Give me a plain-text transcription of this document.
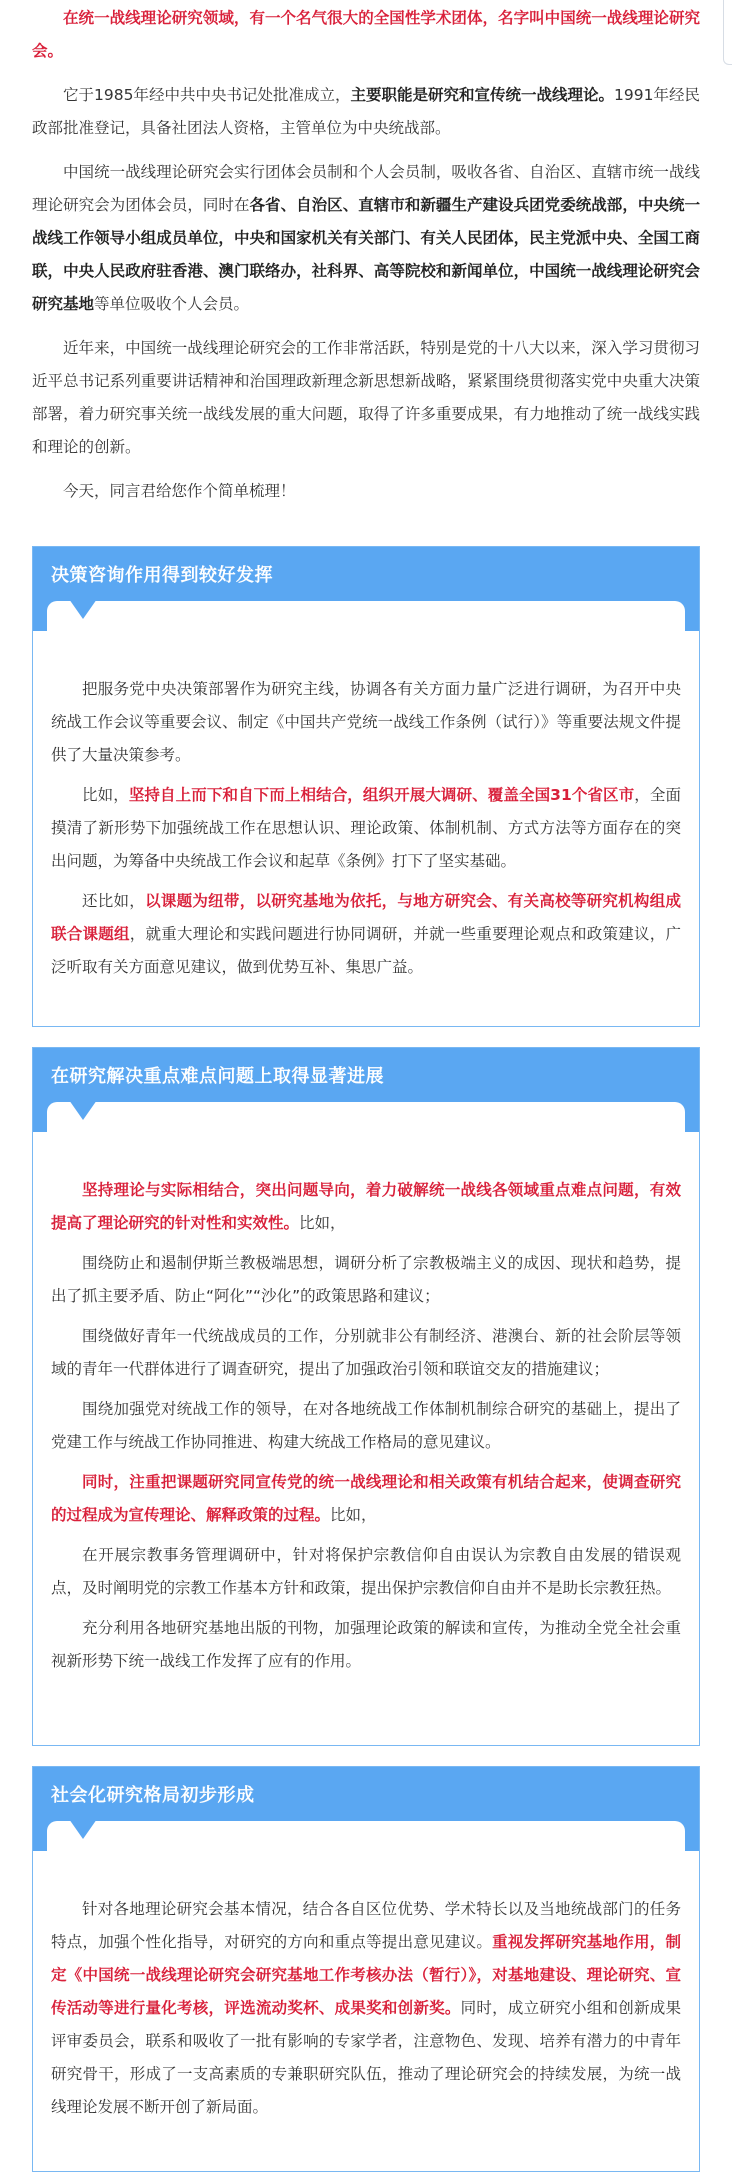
在统一战线理论研究领域，有一个名气很大的全国性学术团体，名字叫中国统一战线理论研究会。

它于1985年经中共中央书记处批准成立，主要职能是研究和宣传统一战线理论。1991年经民政部批准登记，具备社团法人资格，主管单位为中央统战部。

中国统一战线理论研究会实行团体会员制和个人会员制，吸收各省、自治区、直辖市统一战线理论研究会为团体会员，同时在各省、自治区、直辖市和新疆生产建设兵团党委统战部，中央统一战线工作领导小组成员单位，中央和国家机关有关部门、有关人民团体，民主党派中央、全国工商联，中央人民政府驻香港、澳门联络办，社科界、高等院校和新闻单位，中国统一战线理论研究会研究基地等单位吸收个人会员。

近年来，中国统一战线理论研究会的工作非常活跃，特别是党的十八大以来，深入学习贯彻习近平总书记系列重要讲话精神和治国理政新理念新思想新战略，紧紧围绕贯彻落实党中央重大决策部署，着力研究事关统一战线发展的重大问题，取得了许多重要成果，有力地推动了统一战线实践和理论的创新。

今天，同言君给您作个简单梳理！

决策咨询作用得到较好发挥

把服务党中央决策部署作为研究主线，协调各有关方面力量广泛进行调研，为召开中央统战工作会议等重要会议、制定《中国共产党统一战线工作条例（试行）》等重要法规文件提供了大量决策参考。

比如，坚持自上而下和自下而上相结合，组织开展大调研、覆盖全国31个省区市，全面摸清了新形势下加强统战工作在思想认识、理论政策、体制机制、方式方法等方面存在的突出问题，为筹备中央统战工作会议和起草《条例》打下了坚实基础。

还比如，以课题为纽带，以研究基地为依托，与地方研究会、有关高校等研究机构组成联合课题组，就重大理论和实践问题进行协同调研，并就一些重要理论观点和政策建议，广泛听取有关方面意见建议，做到优势互补、集思广益。

在研究解决重点难点问题上取得显著进展

坚持理论与实际相结合，突出问题导向，着力破解统一战线各领域重点难点问题，有效提高了理论研究的针对性和实效性。比如，

围绕防止和遏制伊斯兰教极端思想，调研分析了宗教极端主义的成因、现状和趋势，提出了抓主要矛盾、防止“阿化”“沙化”的政策思路和建议；

围绕做好青年一代统战成员的工作，分别就非公有制经济、港澳台、新的社会阶层等领域的青年一代群体进行了调查研究，提出了加强政治引领和联谊交友的措施建议；

围绕加强党对统战工作的领导，在对各地统战工作体制机制综合研究的基础上，提出了党建工作与统战工作协同推进、构建大统战工作格局的意见建议。

同时，注重把课题研究同宣传党的统一战线理论和相关政策有机结合起来，使调查研究的过程成为宣传理论、解释政策的过程。比如，

在开展宗教事务管理调研中，针对将保护宗教信仰自由误认为宗教自由发展的错误观点，及时阐明党的宗教工作基本方针和政策，提出保护宗教信仰自由并不是助长宗教狂热。

充分利用各地研究基地出版的刊物，加强理论政策的解读和宣传，为推动全党全社会重视新形势下统一战线工作发挥了应有的作用。

社会化研究格局初步形成

针对各地理论研究会基本情况，结合各自区位优势、学术特长以及当地统战部门的任务特点，加强个性化指导，对研究的方向和重点等提出意见建议。重视发挥研究基地作用，制定《中国统一战线理论研究会研究基地工作考核办法（暂行）》，对基地建设、理论研究、宣传活动等进行量化考核，评选流动奖杯、成果奖和创新奖。同时，成立研究小组和创新成果评审委员会，联系和吸收了一批有影响的专家学者，注意物色、发现、培养有潜力的中青年研究骨干，形成了一支高素质的专兼职研究队伍，推动了理论研究会的持续发展，为统一战线理论发展不断开创了新局面。
